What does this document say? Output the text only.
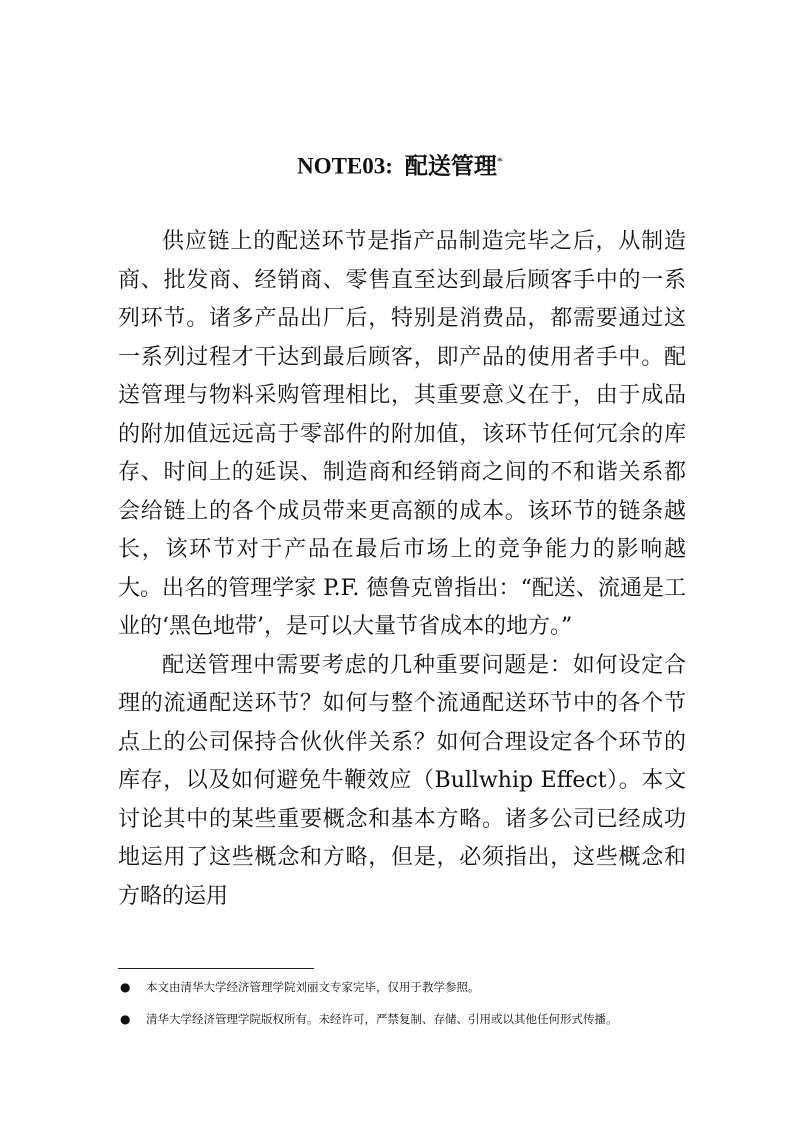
NOTE03: 配送管理*

供应链上的配送环节是指产品制造完毕之后，从制造商、批发商、经销商、零售直至达到最后顾客手中的一系列环节。诸多产品出厂后，特别是消费品，都需要通过这一系列过程才干达到最后顾客，即产品的使用者手中。配送管理与物料采购管理相比，其重要意义在于，由于成品的附加值远远高于零部件的附加值，该环节任何冗余的库存、时间上的延误、制造商和经销商之间的不和谐关系都会给链上的各个成员带来更高额的成本。该环节的链条越长，该环节对于产品在最后市场上的竞争能力的影响越大。出名的管理学家 P.F. 德鲁克曾指出：“配送、流通是工业的‘黑色地带’，是可以大量节省成本的地方。”

配送管理中需要考虑的几种重要问题是：如何设定合理的流通配送环节？如何与整个流通配送环节中的各个节点上的公司保持合伙伙伴关系？如何合理设定各个环节的库存，以及如何避免牛鞭效应（Bullwhip Effect）。本文讨论其中的某些重要概念和基本方略。诸多公司已经成功地运用了这些概念和方略，但是，必须指出，这些概念和方略的运用

● 本文由清华大学经济管理学院刘丽文专家完毕，仅用于教学参照。
● 清华大学经济管理学院版权所有。未经许可，严禁复制、存储、引用或以其他任何形式传播。
